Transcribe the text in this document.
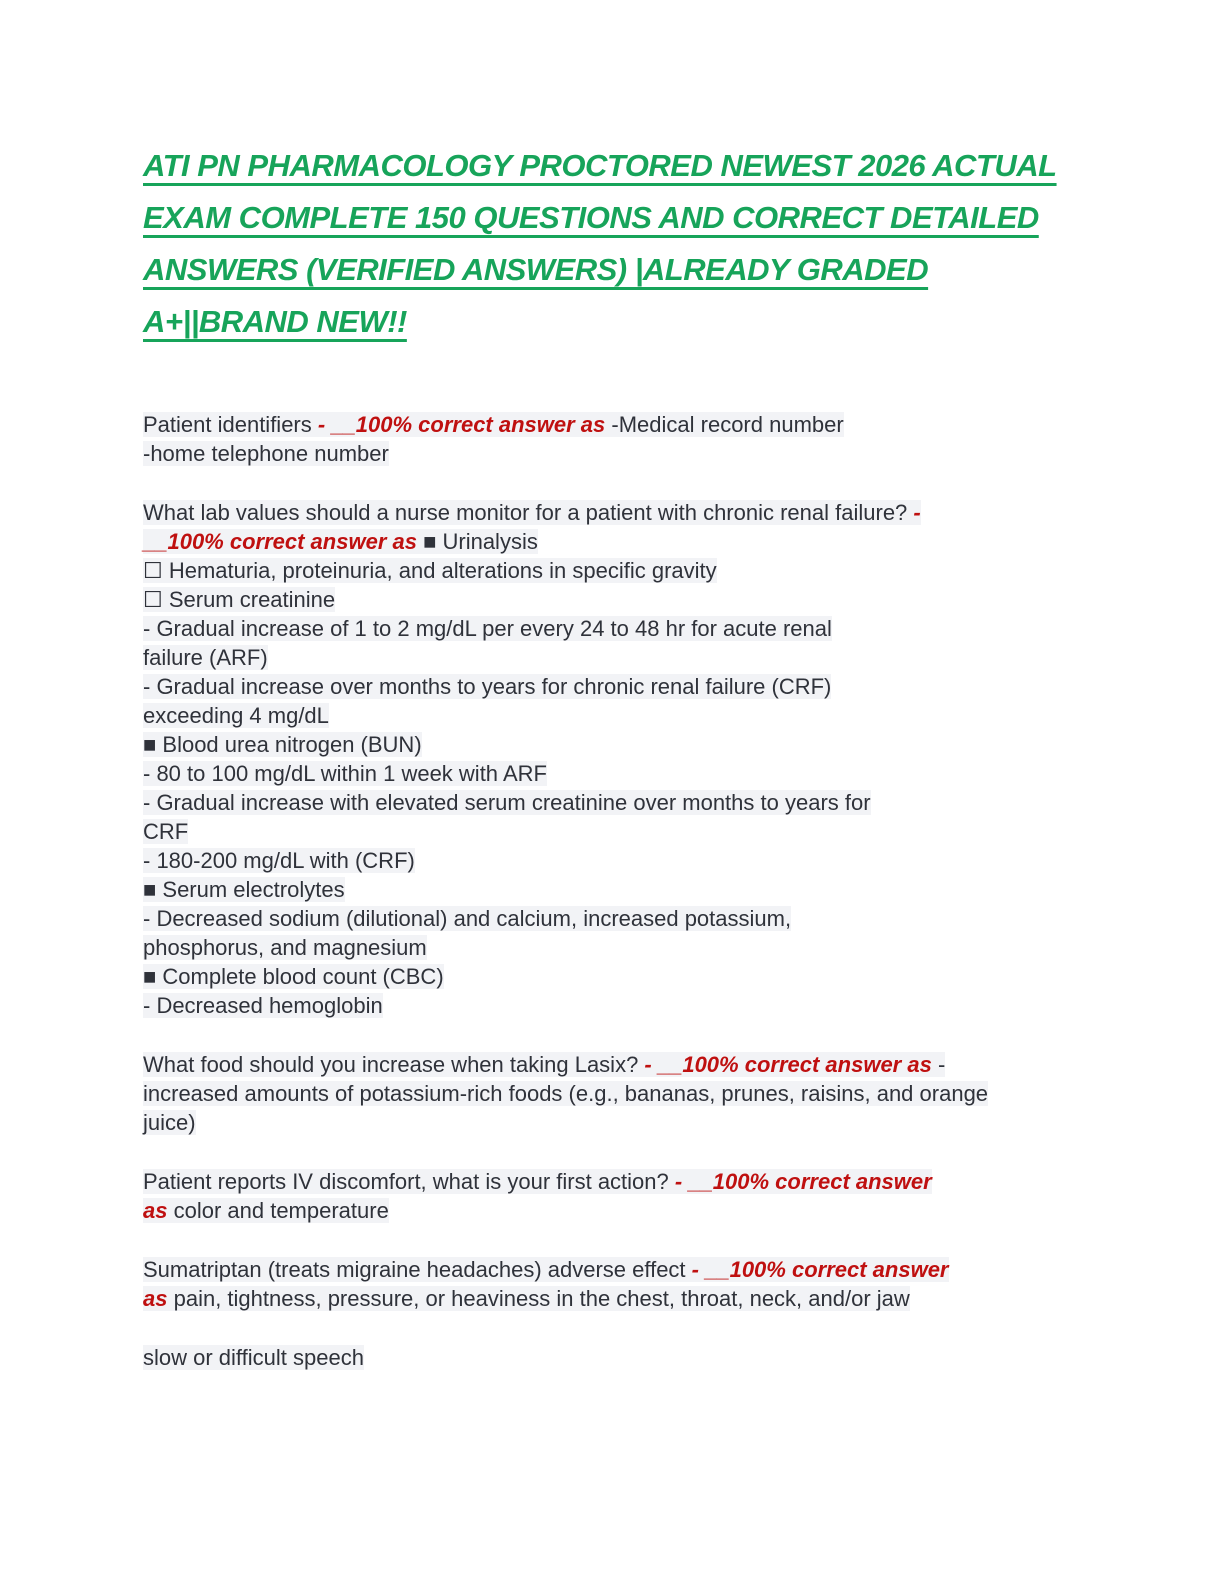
ATI PN PHARMACOLOGY PROCTORED NEWEST 2026 ACTUAL
EXAM COMPLETE 150 QUESTIONS AND CORRECT DETAILED
ANSWERS (VERIFIED ANSWERS) |ALREADY GRADED
A+||BRAND NEW!!
Patient identifiers - __100% correct answer as -Medical record number
-home telephone number
What lab values should a nurse monitor for a patient with chronic renal failure? -
__100% correct answer as ■ Urinalysis
☐ Hematuria, proteinuria, and alterations in specific gravity
☐ Serum creatinine
- Gradual increase of 1 to 2 mg/dL per every 24 to 48 hr for acute renal
failure (ARF)
- Gradual increase over months to years for chronic renal failure (CRF)
exceeding 4 mg/dL
■ Blood urea nitrogen (BUN)
- 80 to 100 mg/dL within 1 week with ARF
- Gradual increase with elevated serum creatinine over months to years for
CRF
- 180-200 mg/dL with (CRF)
■ Serum electrolytes
- Decreased sodium (dilutional) and calcium, increased potassium,
phosphorus, and magnesium
■ Complete blood count (CBC)
- Decreased hemoglobin
What food should you increase when taking Lasix? - __100% correct answer as -
increased amounts of potassium-rich foods (e.g., bananas, prunes, raisins, and orange
juice)
Patient reports IV discomfort, what is your first action? - __100% correct answer
as color and temperature
Sumatriptan (treats migraine headaches) adverse effect - __100% correct answer
as pain, tightness, pressure, or heaviness in the chest, throat, neck, and/or jaw
slow or difficult speech
